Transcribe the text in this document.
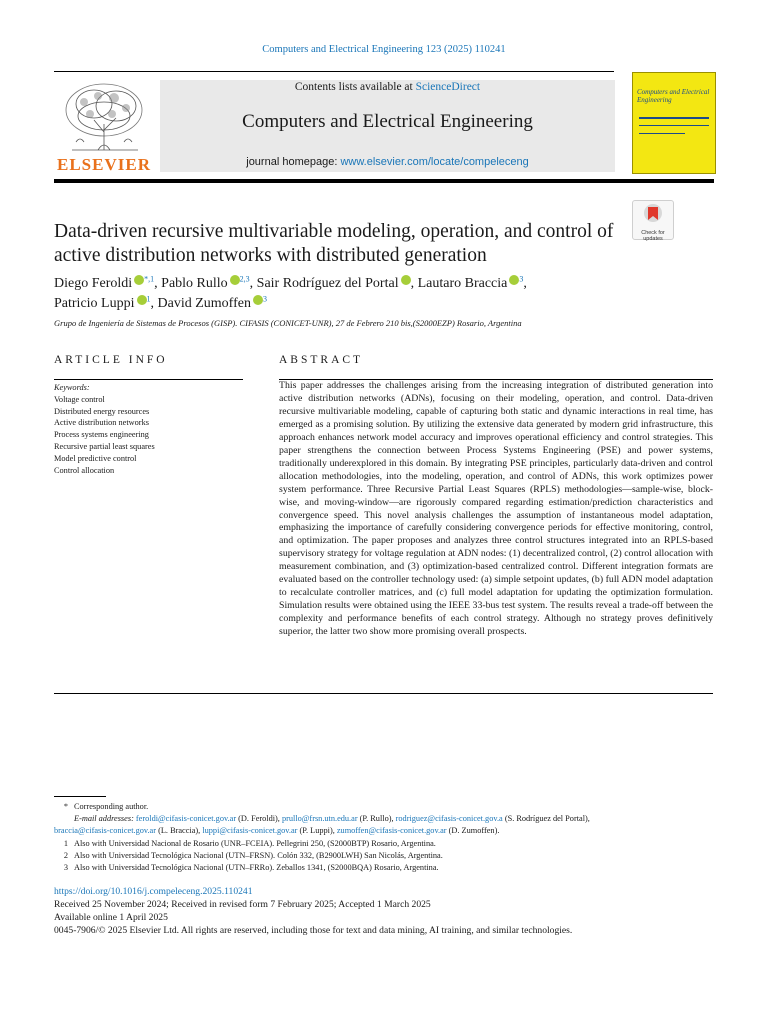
Computers and Electrical Engineering 123 (2025) 110241
ELSEVIER
Contents lists available at ScienceDirect
Computers and Electrical Engineering
journal homepage: www.elsevier.com/locate/compeleceng
Computers and Electrical Engineering
Data-driven recursive multivariable modeling, operation, and control of active distribution networks with distributed generation
Check for updates
Diego Feroldi $^{*,1}$, Pablo Rullo $^{2,3}$, Sair Rodríguez del Portal , Lautaro Braccia $^3$,
Patricio Luppi $^1$, David Zumoffen $^3$
Grupo de Ingeniería de Sistemas de Procesos (GISP). CIFASIS (CONICET-UNR), 27 de Febrero 210 bis,(S2000EZP) Rosario, Argentina
ARTICLE INFO	ABSTRACT
Keywords:
Voltage control
Distributed energy resources
Active distribution networks
Process systems engineering
Recursive partial least squares
Model predictive control
Control allocation
This paper addresses the challenges arising from the increasing integration of distributed generation into active distribution networks (ADNs), focusing on their modeling, operation, and control. Data-driven recursive multivariable modeling, capable of capturing both static and dynamic interactions in real time, has emerged as a promising solution. By utilizing the extensive data generated by modern grid infrastructure, this approach enhances network model accuracy and improves operational efficiency and control strategies. This paper strengthens the connection between Process Systems Engineering (PSE) and power systems, traditionally underexplored in this domain. By integrating PSE principles, particularly data-driven and control allocation methodologies, into the modeling, operation, and control of ADNs, this work optimizes power system performance. Three Recursive Partial Least Squares (RPLS) methodologies—sample-wise, block-wise, and moving-window—are rigorously compared regarding estimation/prediction characteristics and convergence speed. This novel analysis challenges the assumption of instantaneous model adaptation, emphasizing the importance of carefully considering convergence periods for effective monitoring, control, and optimization. The paper proposes and analyzes three control structures integrated into an RPLS-based supervisory strategy for voltage regulation at ADN nodes: (1) decentralized control, (2) control allocation with measurement combination, and (3) optimization-based centralized control. Different integration formats are evaluated based on the controller technology used: (a) simple setpoint updates, (b) full ADN model adaptation to recalculate controller matrices, and (c) full model adaptation for updating the optimization formulation. Simulation results were obtained using the IEEE 33-bus test system. The results reveal a trade-off between the complexity and performance benefits of each control strategy. Although no strategy proves definitively superior, the latter two show more promising overall prospects.
* Corresponding author.
E-mail addresses: feroldi@cifasis-conicet.gov.ar (D. Feroldi), prullo@frsn.utn.edu.ar (P. Rullo), rodriguez@cifasis-conicet.gov.a (S. Rodríguez del Portal),
braccia@cifasis-conicet.gov.ar (L. Braccia), luppi@cifasis-conicet.gov.ar (P. Luppi), zumoffen@cifasis-conicet.gov.ar (D. Zumoffen).
1 Also with Universidad Nacional de Rosario (UNR–FCEIA). Pellegrini 250, (S2000BTP) Rosario, Argentina.
2 Also with Universidad Tecnológica Nacional (UTN–FRSN). Colón 332, (B2900LWH) San Nicolás, Argentina.
3 Also with Universidad Tecnológica Nacional (UTN–FRRo). Zeballos 1341, (S2000BQA) Rosario, Argentina.
https://doi.org/10.1016/j.compeleceng.2025.110241
Received 25 November 2024; Received in revised form 7 February 2025; Accepted 1 March 2025
Available online 1 April 2025
0045-7906/© 2025 Elsevier Ltd. All rights are reserved, including those for text and data mining, AI training, and similar technologies.
